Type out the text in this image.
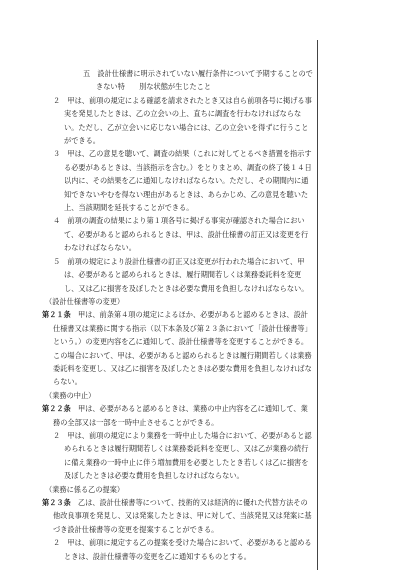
五　設計仕様書に明示されていない履行条件について予期することのできない特　　別な状態が生じたこと

２　甲は、前項の規定による確認を請求されたとき又は自ら前項各号に掲げる事実を発見したときは、乙の立会いの上、直ちに調査を行わなければならない。ただし、乙が立会いに応じない場合には、乙の立会いを得ずに行うことができる。

３　甲は、乙の意見を聴いて、調査の結果（これに対してとるべき措置を指示する必要があるときは、当該指示を含む。）をとりまとめ、調査の終了後１４日以内に、その結果を乙に通知しなければならない。ただし、その期間内に通知できないやむを得ない理由があるときは、あらかじめ、乙の意見を聴いた上、当該期間を延長することができる。

４　前項の調査の結果により第１項各号に掲げる事実が確認された場合において、必要があると認められるときは、甲は、設計仕様書の訂正又は変更を行わなければならない。

５　前項の規定により設計仕様書の訂正又は変更が行われた場合において、甲は、必要があると認められるときは、履行期間若しくは業務委託料を変更し、又は乙に損害を及ぼしたときは必要な費用を負担しなければならない。

（設計仕様書等の変更）

第２１条　甲は、前条第４項の規定によるほか、必要があると認めるときは、設計仕様書又は業務に関する指示（以下本条及び第２３条において「設計仕様書等」という。）の変更内容を乙に通知して、設計仕様書等を変更することができる。この場合において、甲は、必要があると認められるときは履行期間若しくは業務委託料を変更し、又は乙に損害を及ぼしたときは必要な費用を負担しなければならない。

（業務の中止）

第２２条　甲は、必要があると認めるときは、業務の中止内容を乙に通知して、業務の全部又は一部を一時中止させることができる。

２　甲は、前項の規定により業務を一時中止した場合において、必要があると認められるときは履行期間若しくは業務委託料を変更し、又は乙が業務の続行に備え業務の一時中止に伴う増加費用を必要としたとき若しくは乙に損害を及ぼしたときは必要な費用を負担しなければならない。

（業務に係る乙の提案）

第２３条　乙は、設計仕様書等について、技術的又は経済的に優れた代替方法その他改良事項を発見し、又は発案したときは、甲に対して、当該発見又は発案に基づき設計仕様書等の変更を提案することができる。

２　甲は、前項に規定する乙の提案を受けた場合において、必要があると認めるときは、設計仕様書等の変更を乙に通知するものとする。
